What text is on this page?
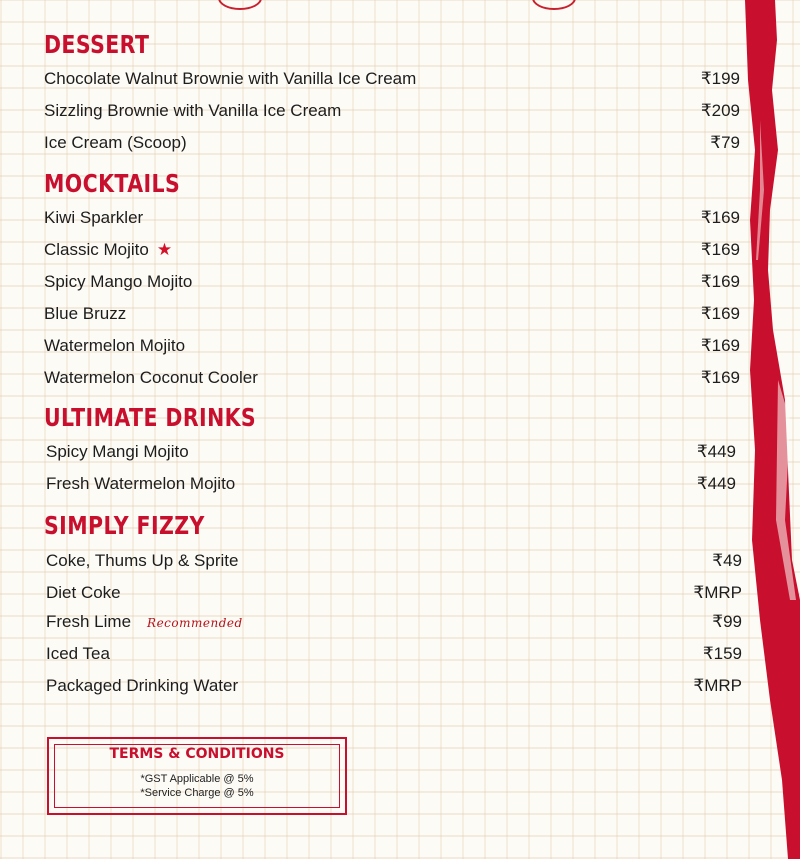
DESSERT
Chocolate Walnut Brownie with Vanilla Ice Cream	₹199
Sizzling Brownie with Vanilla Ice Cream	₹209
Ice Cream (Scoop)	₹79
MOCKTAILS
Kiwi Sparkler	₹169
Classic Mojito ★	₹169
Spicy Mango Mojito	₹169
Blue Bruzz	₹169
Watermelon Mojito	₹169
Watermelon Coconut Cooler	₹169
ULTIMATE DRINKS
Spicy Mangi Mojito	₹449
Fresh Watermelon Mojito	₹449
SIMPLY FIZZY
Coke, Thums Up & Sprite	₹49
Diet Coke	₹MRP
Fresh Lime Recommended	₹99
Iced Tea	₹159
Packaged Drinking Water	₹MRP
TERMS & CONDITIONS
*GST Applicable @ 5%
*Service Charge @ 5%
